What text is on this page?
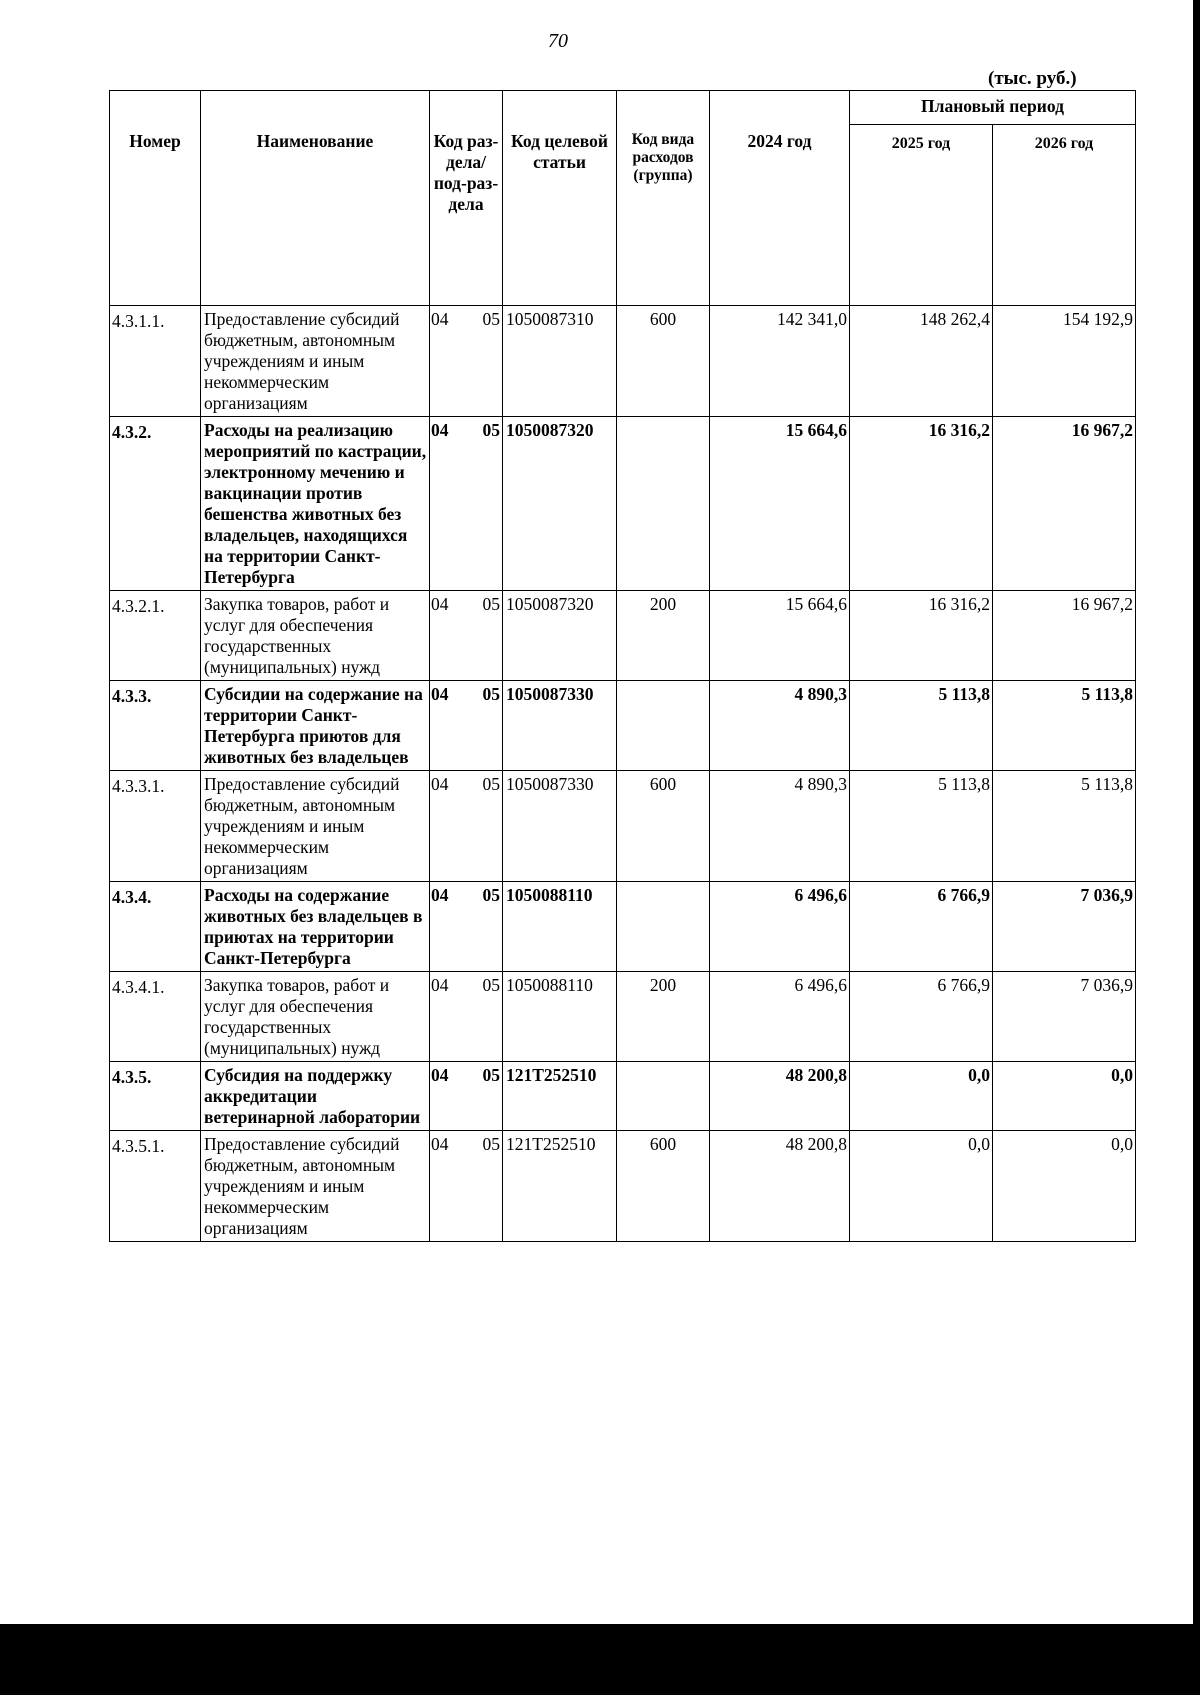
70
(тыс. руб.)
Номер	Наименование	Код раз-дела/ под-раз-дела	Код целевой статьи	Код вида расходов (группа)	2024 год	Плановый период	
						2025 год	2026 год
4.3.1.1.	Предоставление субсидий бюджетным, автономным учреждениям и иным некоммерческим организациям	04 05	1050087310	600	142 341,0	148 262,4	154 192,9
4.3.2.	Расходы на реализацию мероприятий по кастрации, электронному мечению и вакцинации против бешенства животных без владельцев, находящихся на территории Санкт-Петербурга	04 05	1050087320		15 664,6	16 316,2	16 967,2
4.3.2.1.	Закупка товаров, работ и услуг для обеспечения государственных (муниципальных) нужд	04 05	1050087320	200	15 664,6	16 316,2	16 967,2
4.3.3.	Субсидии на содержание на территории Санкт-Петербурга приютов для животных без владельцев	04 05	1050087330		4 890,3	5 113,8	5 113,8
4.3.3.1.	Предоставление субсидий бюджетным, автономным учреждениям и иным некоммерческим организациям	04 05	1050087330	600	4 890,3	5 113,8	5 113,8
4.3.4.	Расходы на содержание животных без владельцев в приютах на территории Санкт-Петербурга	04 05	1050088110		6 496,6	6 766,9	7 036,9
4.3.4.1.	Закупка товаров, работ и услуг для обеспечения государственных (муниципальных) нужд	04 05	1050088110	200	6 496,6	6 766,9	7 036,9
4.3.5.	Субсидия на поддержку аккредитации ветеринарной лаборатории	04 05	121Т252510		48 200,8	0,0	0,0
4.3.5.1.	Предоставление субсидий бюджетным, автономным учреждениям и иным некоммерческим организациям	04 05	121Т252510	600	48 200,8	0,0	0,0
